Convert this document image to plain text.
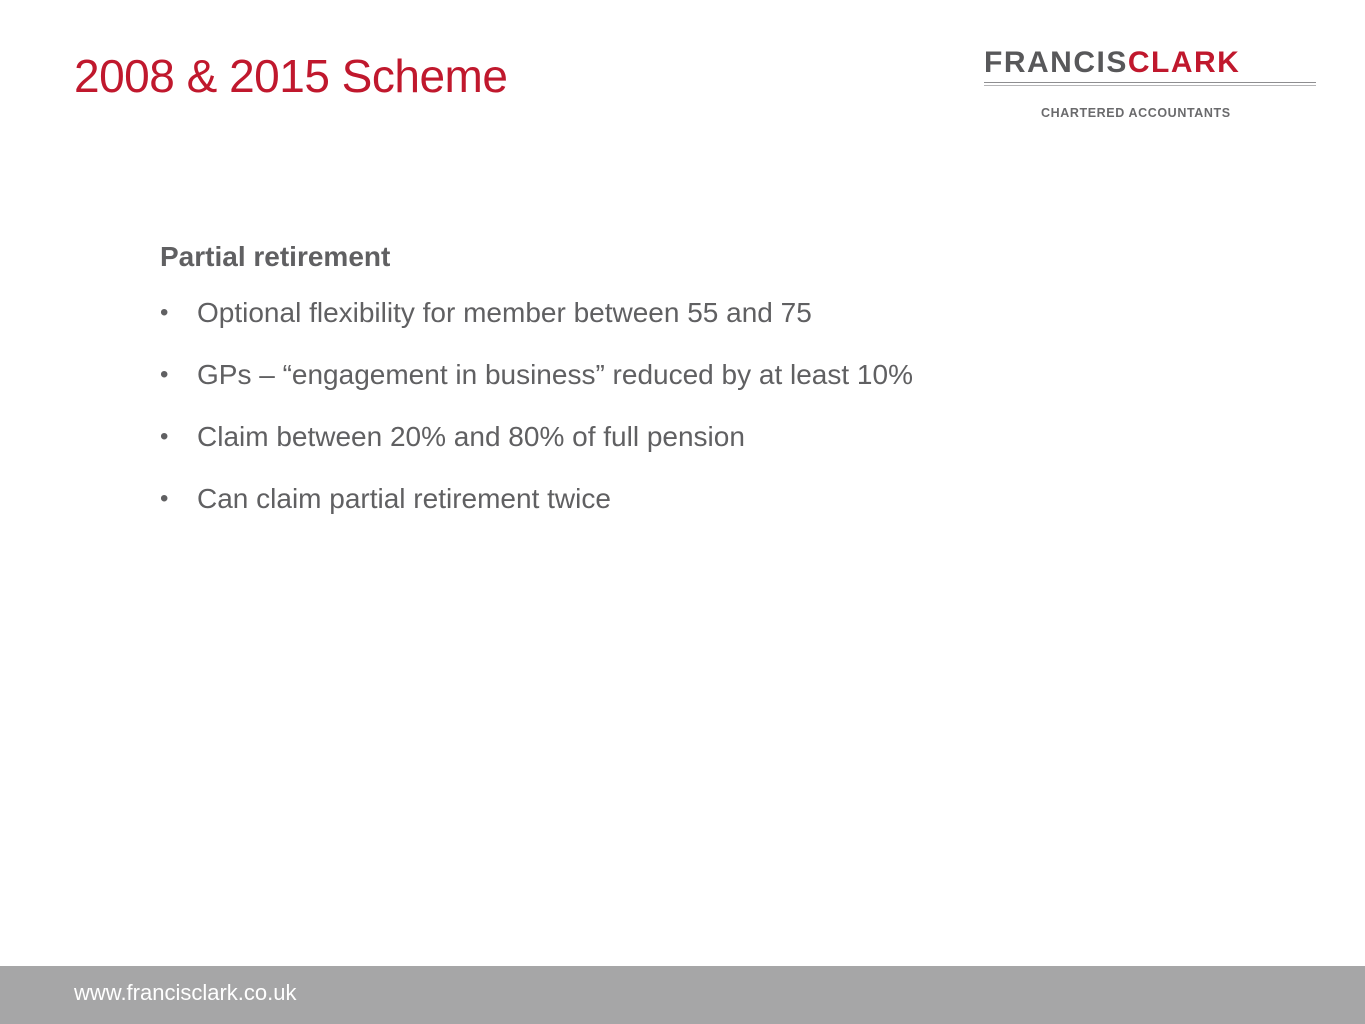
2008 & 2015 Scheme	FRANCISCLARK
CHARTERED ACCOUNTANTS
Partial retirement
• Optional flexibility for member between 55 and 75
• GPs – “engagement in business” reduced by at least 10%
• Claim between 20% and 80% of full pension
• Can claim partial retirement twice
www.francisclark.co.uk
